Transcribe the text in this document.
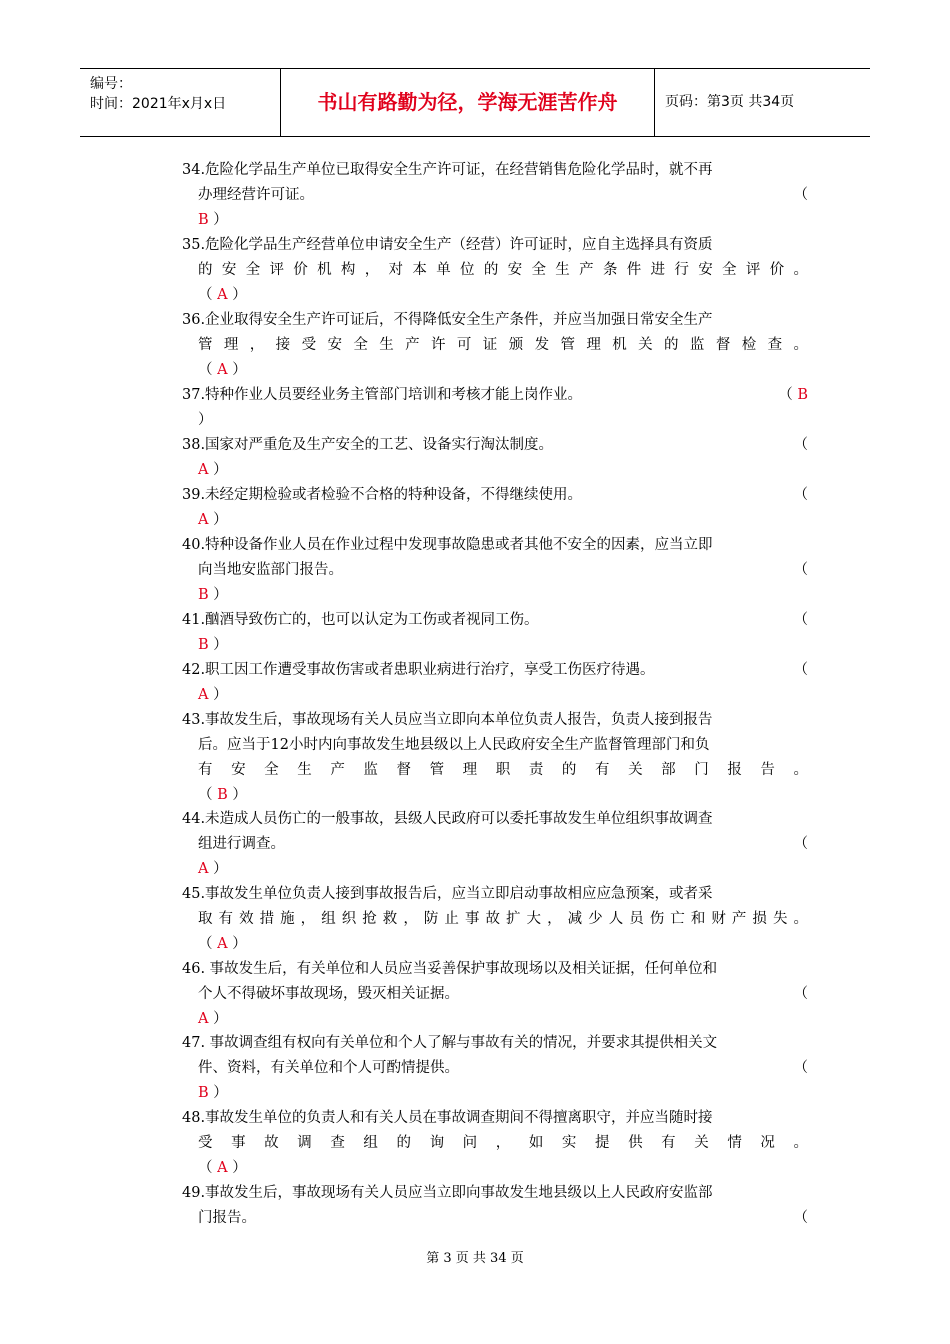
编号：
时间：2021年x月x日	书山有路勤为径，学海无涯苦作舟	页码：第3页 共34页
34.危险化学品生产单位已取得安全生产许可证，在经营销售危险化学品时，就不再
办理经营许可证。	（
B ）
35.危险化学品生产经营单位申请安全生产（经营）许可证时，应自主选择具有资质
的安全评价机构，对本单位的安全生产条件进行安全评价。
（ A ）
36.企业取得安全生产许可证后，不得降低安全生产条件，并应当加强日常安全生产
管理，接受安全生产许可证颁发管理机关的监督检查。
（ A ）
37.特种作业人员要经业务主管部门培训和考核才能上岗作业。	（ B
）
38.国家对严重危及生产安全的工艺、设备实行淘汰制度。	（
A ）
39.未经定期检验或者检验不合格的特种设备，不得继续使用。	（
A ）
40.特种设备作业人员在作业过程中发现事故隐患或者其他不安全的因素，应当立即
向当地安监部门报告。	（
B ）
41.酗酒导致伤亡的，也可以认定为工伤或者视同工伤。	（
B ）
42.职工因工作遭受事故伤害或者患职业病进行治疗，享受工伤医疗待遇。	（
A ）
43.事故发生后，事故现场有关人员应当立即向本单位负责人报告，负责人接到报告
后。应当于12小时内向事故发生地县级以上人民政府安全生产监督管理部门和负
有安全生产监督管理职责的有关部门报告。
（ B ）
44.未造成人员伤亡的一般事故，县级人民政府可以委托事故发生单位组织事故调查
组进行调查。	（
A ）
45.事故发生单位负责人接到事故报告后，应当立即启动事故相应应急预案，或者采
取有效措施，组织抢救，防止事故扩大，减少人员伤亡和财产损失。
（ A ）
46. 事故发生后，有关单位和人员应当妥善保护事故现场以及相关证据，任何单位和
个人不得破坏事故现场，毁灭相关证据。	（
A ）
47. 事故调查组有权向有关单位和个人了解与事故有关的情况，并要求其提供相关文
件、资料，有关单位和个人可酌情提供。	（
B ）
48.事故发生单位的负责人和有关人员在事故调查期间不得擅离职守，并应当随时接
受事故调查组的询问，如实提供有关情况。
（ A ）
49.事故发生后，事故现场有关人员应当立即向事故发生地县级以上人民政府安监部
门报告。	（
第 3 页 共 34 页
